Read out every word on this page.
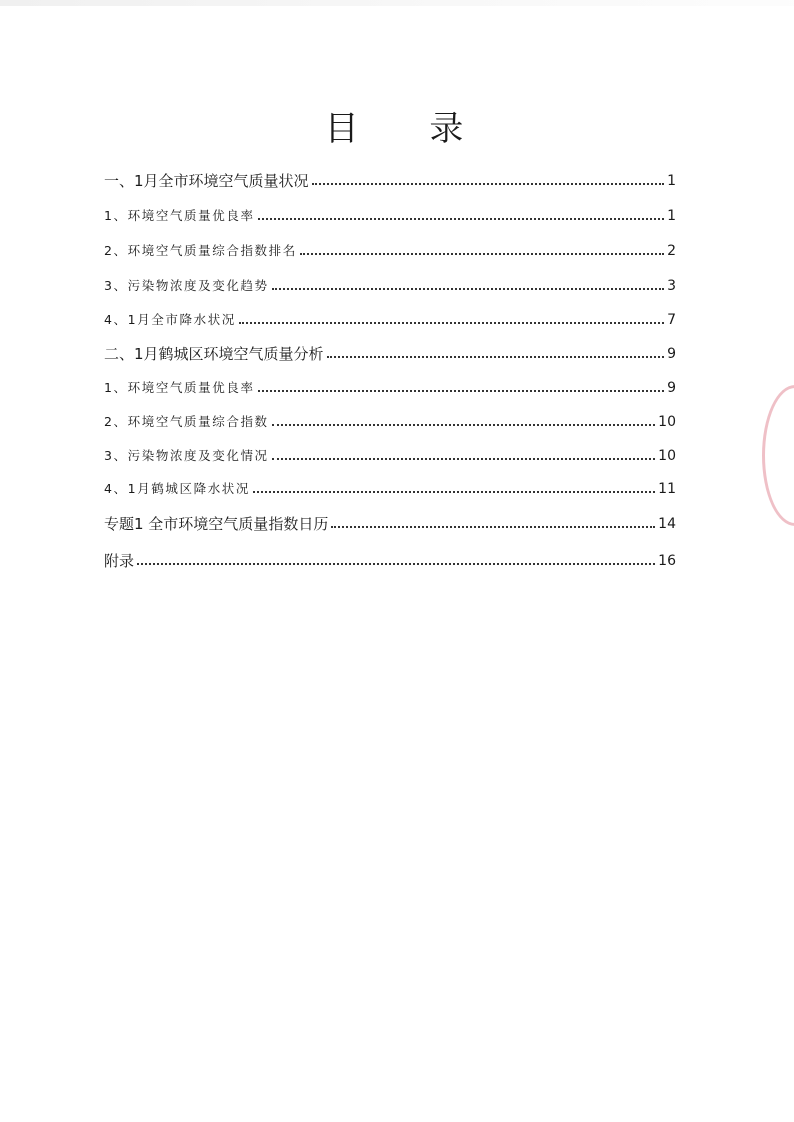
目 录
一、1月全市环境空气质量状况	1
1、环境空气质量优良率	1
2、环境空气质量综合指数排名	2
3、污染物浓度及变化趋势	3
4、1月全市降水状况	7
二、1月鹤城区环境空气质量分析	9
1、环境空气质量优良率	9
2、环境空气质量综合指数	10
3、污染物浓度及变化情况	10
4、1月鹤城区降水状况	11
专题1 全市环境空气质量指数日历	14
附录	16
